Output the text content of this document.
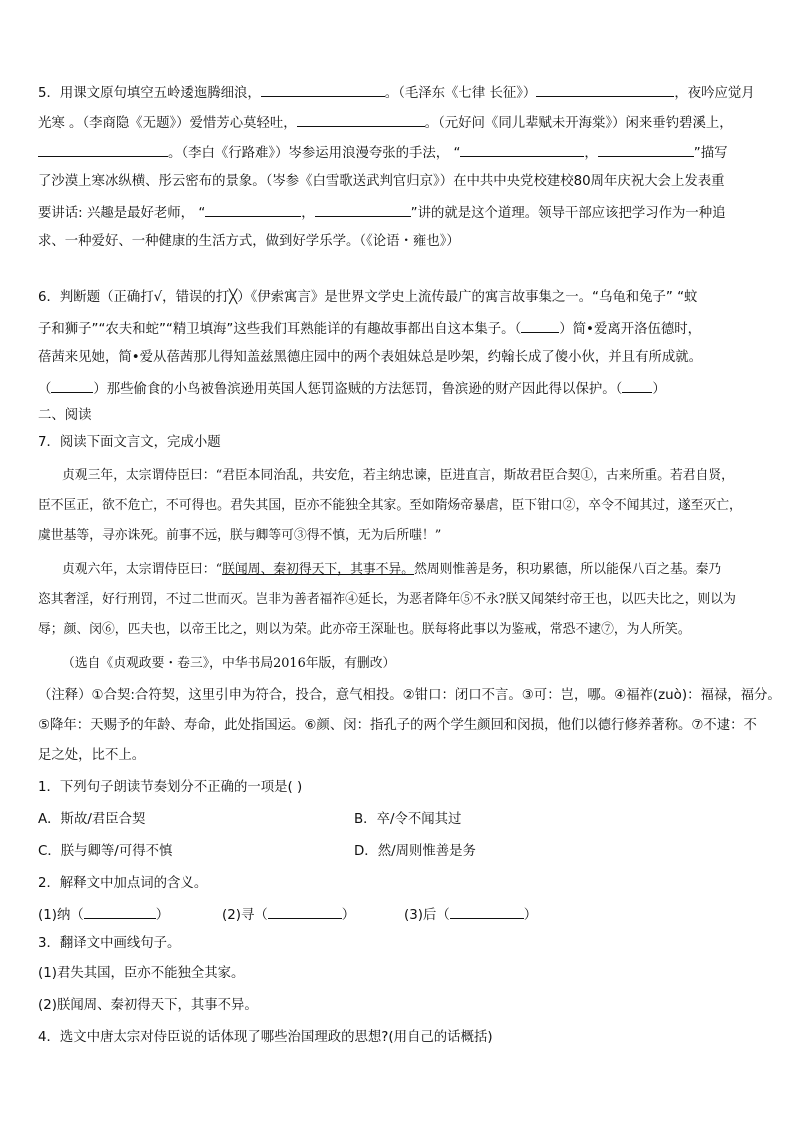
5．用课文原句填空五岭逶迤腾细浪，	。（毛泽东《七律 长征》）	，夜吟应觉月
光寒 。（李商隐《无题》）爱惜芳心莫轻吐，	。（元好问《同儿辈赋未开海棠》）闲来垂钓碧溪上，
。（李白《行路难》）岑参运用浪漫夸张的手法， “	，	”描写
了沙漠上寒冰纵横、彤云密布的景象。（岑参《白雪歌送武判官归京》）在中共中央党校建校80周年庆祝大会上发表重
要讲话: 兴趣是最好老师， “	，	”讲的就是这个道理。领导干部应该把学习作为一种追
求、一种爱好、一种健康的生活方式，做到好学乐学。（《论语・雍也》）
6．判断题（正确打√，错误的打╳）《伊索寓言》是世界文学史上流传最广的寓言故事集之一。“乌龟和兔子” “蚊
子和狮子”“农夫和蛇”“精卫填海”这些我们耳熟能详的有趣故事都出自这本集子。（	）简•爱离开洛伍德时，
蓓茜来见她，简•爱从蓓茜那儿得知盖兹黑德庄园中的两个表姐妹总是吵架，约翰长成了傻小伙，并且有所成就。
（	）那些偷食的小鸟被鲁滨逊用英国人惩罚盗贼的方法惩罚，鲁滨逊的财产因此得以保护。（ ）
二、阅读
7．阅读下面文言文，完成小题
贞观三年，太宗谓侍臣曰：“君臣本同治乱，共安危，若主纳忠谏，臣进直言，斯故君臣合契①，古来所重。若君自贤，
臣不匡正，欲不危亡，不可得也。君失其国，臣亦不能独全其家。至如隋炀帝暴虐，臣下钳口②，卒令不闻其过，遂至灭亡，
虞世基等，寻亦诛死。前事不远，朕与卿等可③得不慎，无为后所嗤！”
贞观六年，太宗谓侍臣曰：“朕闻周、秦初得天下，其事不异。然周则惟善是务，积功累德，所以能保八百之基。秦乃
恣其奢淫，好行刑罚，不过二世而灭。岂非为善者福祚④延长，为恶者降年⑤不永?朕又闻桀纣帝王也，以匹夫比之，则以为
辱；颜、闵⑥，匹夫也，以帝王比之，则以为荣。此亦帝王深耻也。朕每将此事以为鉴戒，常恐不逮⑦，为人所笑。
（选自《贞观政要・卷三》，中华书局2016年版，有删改）
（注释）①合契:合符契，这里引申为符合，投合，意气相投。②钳口：闭口不言。③可：岂，哪。④福祚(zuò)：福禄，福分。
⑤降年：天赐予的年龄、寿命，此处指国运。⑥颜、闵：指孔子的两个学生颜回和闵损，他们以德行修养著称。⑦不逮：不
足之处，比不上。
1．下列句子朗读节奏划分不正确的一项是( )
A．斯故/君臣合契	B．卒/令不闻其过
C．朕与卿等/可得不慎	D．然/周则惟善是务
2．解释文中加点词的含义。
(1)纳（	）	(2)寻（	）	(3)后（	）
3．翻译文中画线句子。
(1)君失其国，臣亦不能独全其家。
(2)朕闻周、秦初得天下，其事不异。
4．选文中唐太宗对侍臣说的话体现了哪些治国理政的思想?(用自己的话概括)
